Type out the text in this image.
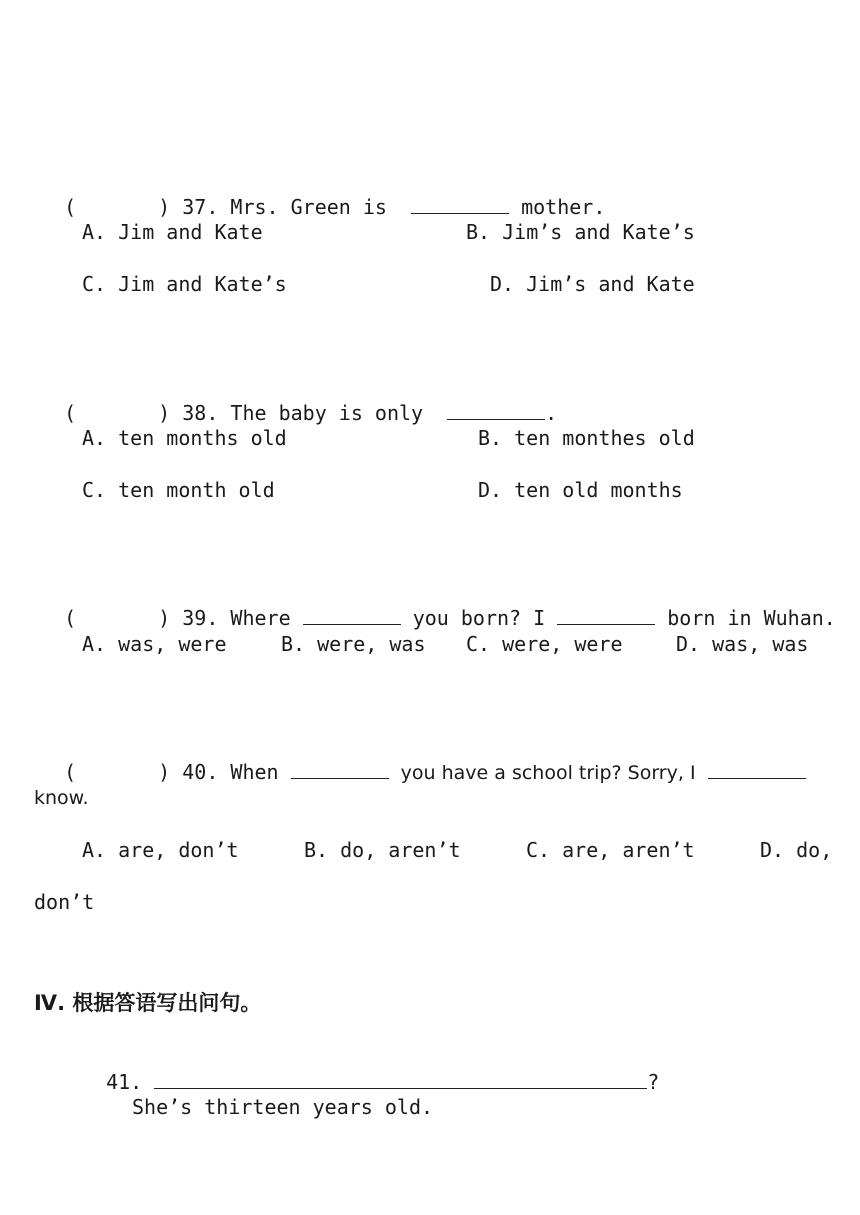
(	) 37. Mrs. Green is	mother.

A. Jim and Kate	B. Jim’s and Kate’s
C. Jim and Kate’s	D. Jim’s and Kate

(	) 38. The baby is only	.

A. ten months old	B. ten monthes old
C. ten month old	D. ten old months

(	) 39. Where	you born? I	born in Wuhan.

A. was, were	B. were, was C. were, were	D. was, was

(	) 40. When	you have a school trip? Sorry, I

know.
A. are, don’t	B. do, aren’t	C. are, aren’t	D. do,
don’t
Ⅳ. 根据答语写出问句。

41.	?

She’s thirteen years old.
